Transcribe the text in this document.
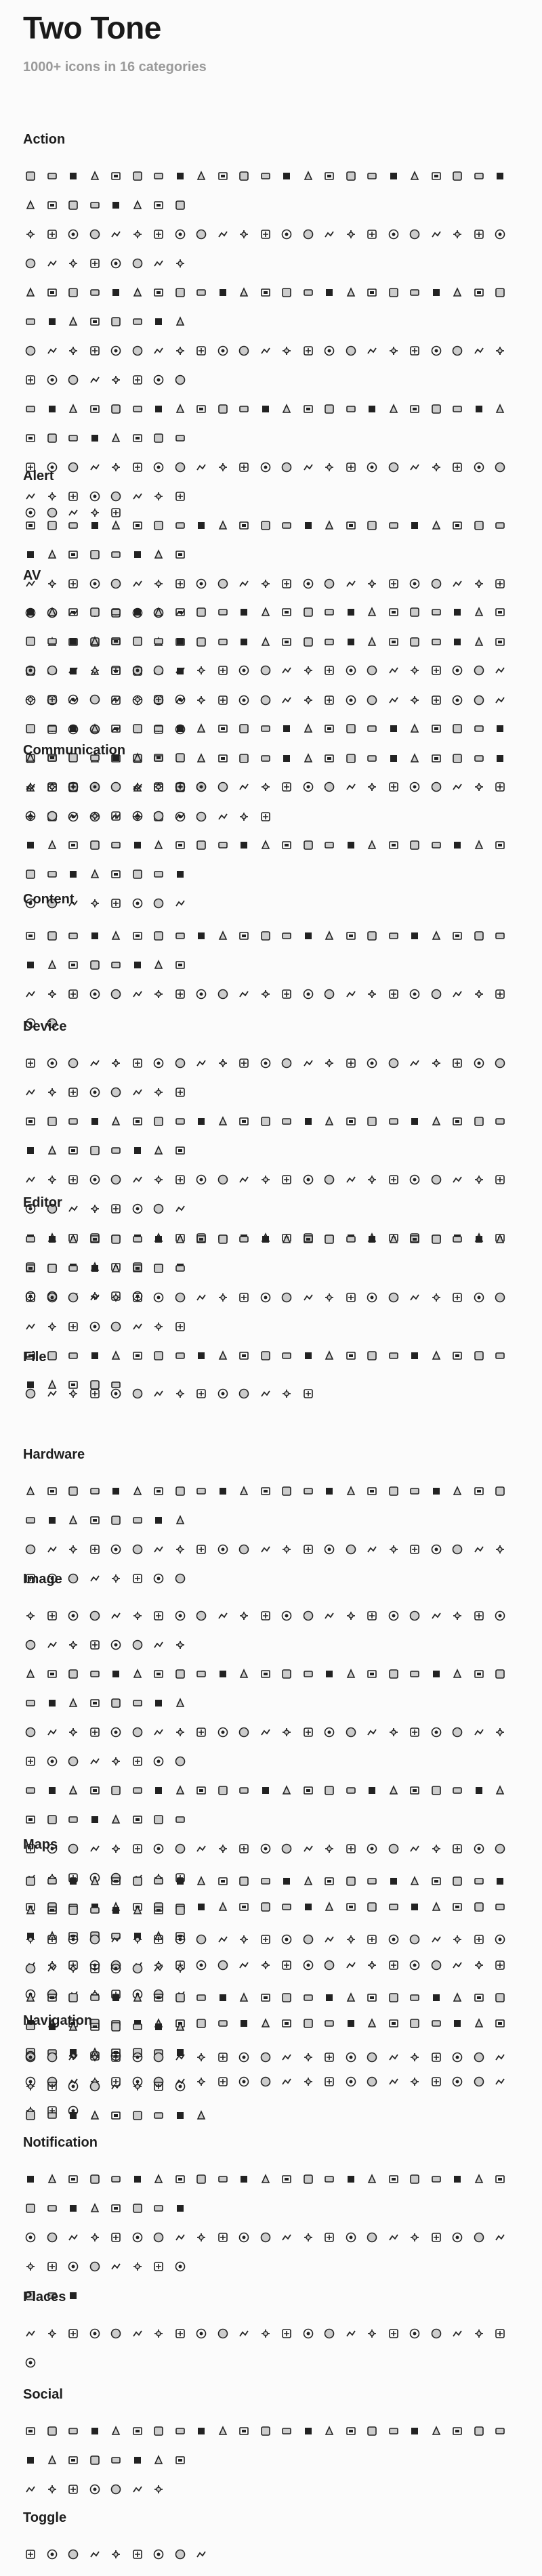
Two Tone

1000+ icons in 16 categories

Action
Alert
AV
Communication
Content
Device
Editor
File
Hardware
Image
Maps
Navigation
Notification
Places
Social
Toggle
